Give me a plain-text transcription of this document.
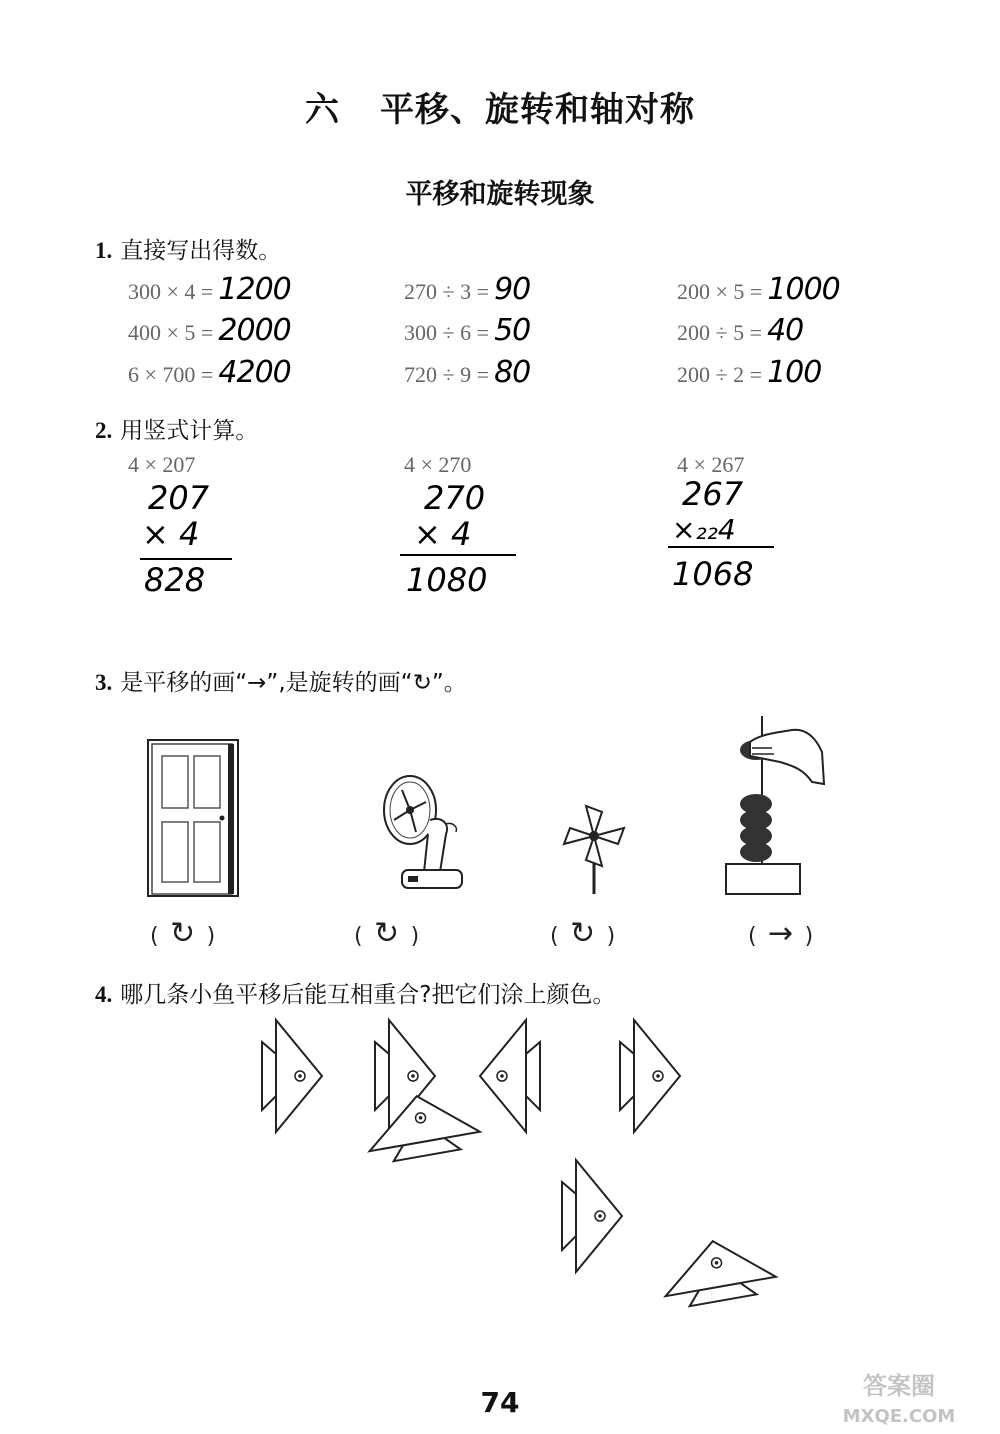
六 平移、旋转和轴对称
平移和旋转现象
1. 直接写出得数。
300 × 4 = 1200	270 ÷ 3 = 90	200 × 5 = 1000
400 × 5 = 2000	300 ÷ 6 = 50	200 ÷ 5 = 40
6 × 700 = 4200	720 ÷ 9 = 80	200 ÷ 2 = 100
2. 用竖式计算。
4 × 207	4 × 270	4 × 267
207
× 4
828
270
× 4
1080
267
×₂₂4
1068
3. 是平移的画“→”,是旋转的画“↻”。
( ↻ )	( ↻ )	( ↻ )	( → )
4. 哪几条小鱼平移后能互相重合?把它们涂上颜色。
74	答案圈
MXQE.COM
